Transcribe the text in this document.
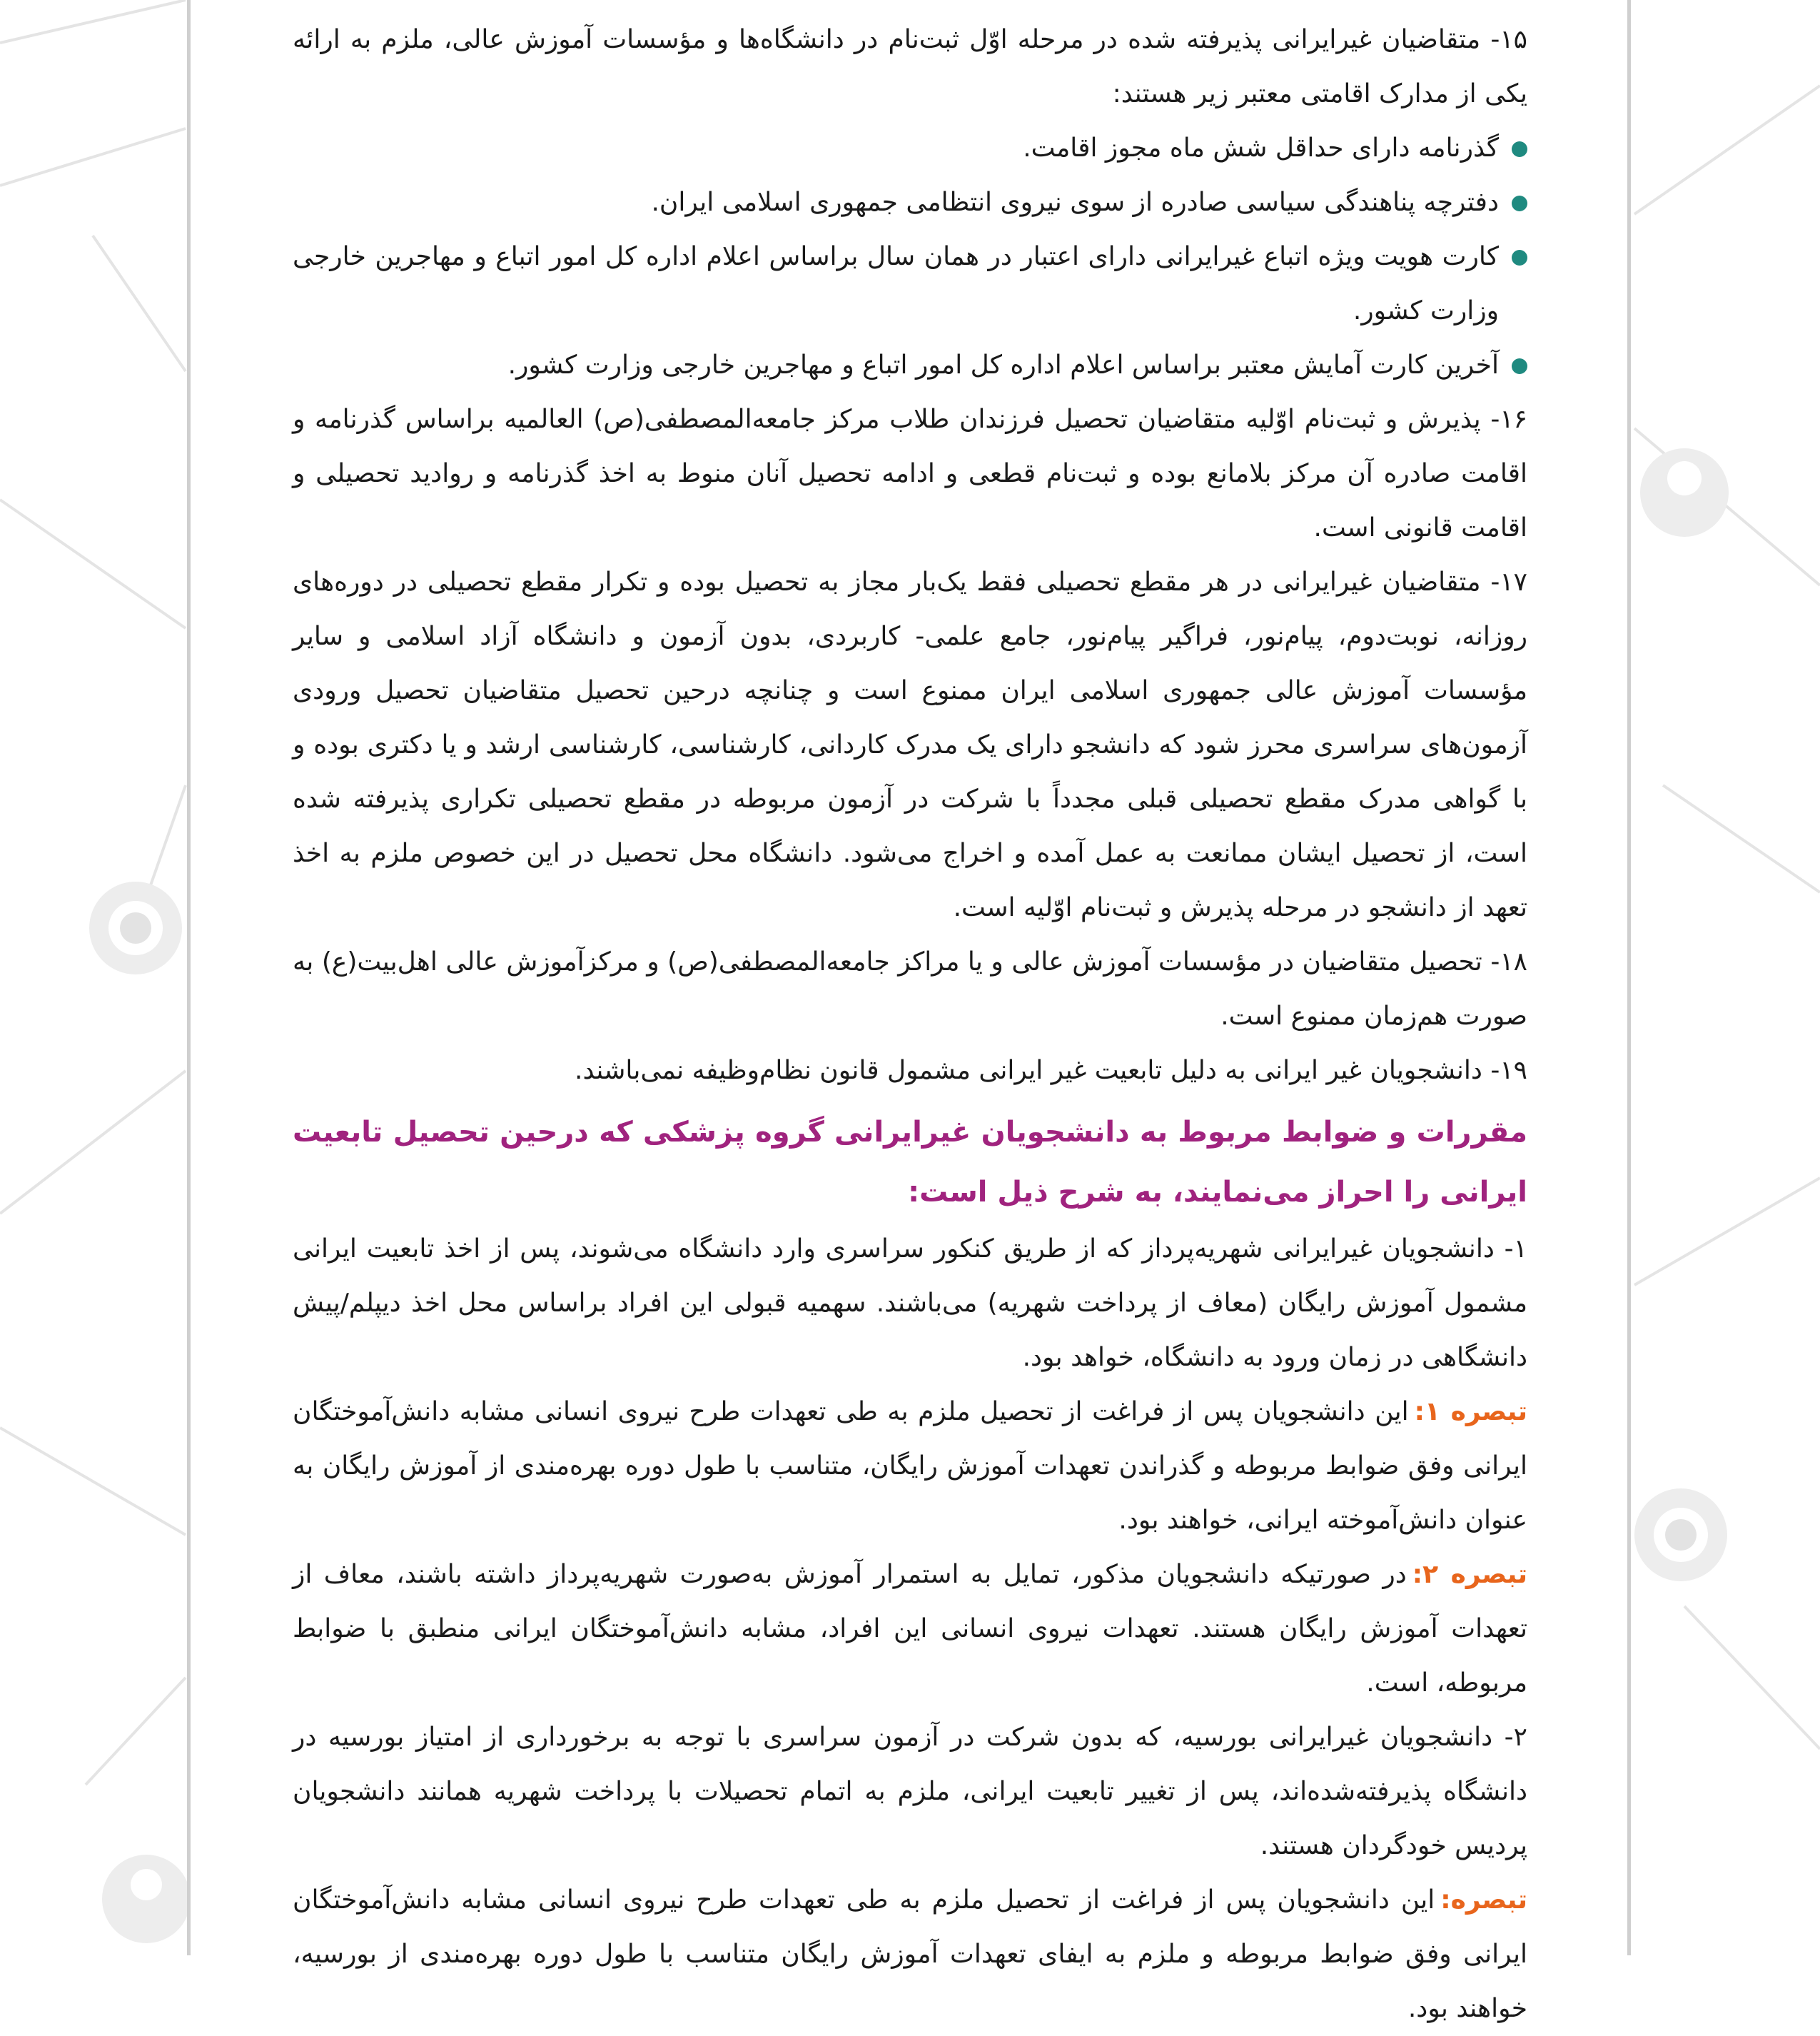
۱۵- متقاضیان غیرایرانی پذیرفته شده در مرحله اوّل ثبت‌نام در دانشگاه‌ها و مؤسسات آموزش عالی، ملزم به ارائه یکی از مدارک اقامتی معتبر زیر هستند:

گذرنامه دارای حداقل شش ماه مجوز اقامت.

دفترچه پناهندگی سیاسی صادره از سوی نیروی انتظامی جمهوری اسلامی ایران.

کارت هویت ویژه اتباع غیرایرانی دارای اعتبار در همان سال براساس اعلام اداره کل امور اتباع و مهاجرین خارجی وزارت کشور.

آخرین کارت آمایش معتبر براساس اعلام اداره کل امور اتباع و مهاجرین خارجی وزارت کشور.

۱۶- پذیرش و ثبت‌نام اوّلیه متقاضیان تحصیل فرزندان طلاب مرکز جامعه‌المصطفی(ص) العالمیه براساس گذرنامه و اقامت صادره آن مرکز بلامانع بوده و ثبت‌نام قطعی و ادامه تحصیل آنان منوط به اخذ گذرنامه و روادید تحصیلی و اقامت قانونی است.

۱۷- متقاضیان غیرایرانی در هر مقطع تحصیلی فقط یک‌بار مجاز به تحصیل بوده و تکرار مقطع تحصیلی در دوره‌های روزانه، نوبت‌دوم، پیام‌نور، فراگیر پیام‌نور، جامع علمی- کاربردی، بدون آزمون و دانشگاه آزاد اسلامی و سایر مؤسسات آموزش عالی جمهوری اسلامی ایران ممنوع است و چنانچه درحین تحصیل متقاضیان تحصیل ورودی آزمون‌های سراسری محرز شود که دانشجو دارای یک مدرک کاردانی، کارشناسی، کارشناسی ارشد و یا دکتری بوده و با گواهی مدرک مقطع تحصیلی قبلی مجدداً با شرکت در آزمون مربوطه در مقطع تحصیلی تکراری پذیرفته شده است، از تحصیل ایشان ممانعت به عمل آمده و اخراج می‌شود. دانشگاه محل تحصیل در این خصوص ملزم به اخذ تعهد از دانشجو در مرحله پذیرش و ثبت‌نام اوّلیه است.

۱۸- تحصیل متقاضیان در مؤسسات آموزش عالی و یا مراکز جامعه‌المصطفی(ص) و مرکزآموزش عالی اهل‌بیت(ع) به صورت هم‌زمان ممنوع است.

۱۹- دانشجویان غیر ایرانی به دلیل تابعیت غیر ایرانی مشمول قانون نظام‌وظیفه نمی‌باشند.

مقررات و ضوابط مربوط به دانشجویان غیرایرانی گروه پزشکی که درحین تحصیل تابعیت ایرانی را احراز می‌نمایند، به شرح ذیل است:

۱- دانشجویان غیرایرانی شهریه‌پرداز که از طریق کنکور سراسری وارد دانشگاه می‌شوند، پس از اخذ تابعیت ایرانی مشمول آموزش رایگان (معاف از پرداخت شهریه) می‌باشند. سهمیه قبولی این افراد براساس محل اخذ دیپلم/پیش دانشگاهی در زمان ورود به دانشگاه، خواهد بود.

تبصره ۱:این دانشجویان پس از فراغت از تحصیل ملزم به طی تعهدات طرح نیروی انسانی مشابه دانش‌آموختگان ایرانی وفق ضوابط مربوطه و گذراندن تعهدات آموزش رایگان، متناسب با طول دوره بهره‌مندی از آموزش رایگان به عنوان دانش‌آموخته ایرانی، خواهند بود.

تبصره ۲:در صورتیکه دانشجویان مذکور، تمایل به استمرار آموزش به‌صورت شهریه‌پرداز داشته باشند، معاف از تعهدات آموزش رایگان هستند. تعهدات نیروی انسانی این افراد، مشابه دانش‌آموختگان ایرانی منطبق با ضوابط مربوطه، است.

۲- دانشجویان غیرایرانی بورسیه، که بدون شرکت در آزمون سراسری با توجه به برخورداری از امتیاز بورسیه در دانشگاه پذیرفته‌شده‌اند، پس از تغییر تابعیت ایرانی، ملزم به اتمام تحصیلات با پرداخت شهریه همانند دانشجویان پردیس خودگردان هستند.

تبصره:این دانشجویان پس از فراغت از تحصیل ملزم به طی تعهدات طرح نیروی انسانی مشابه دانش‌آموختگان ایرانی وفق ضوابط مربوطه و ملزم به ایفای تعهدات آموزش رایگان متناسب با طول دوره بهره‌مندی از بورسیه، خواهند بود.
